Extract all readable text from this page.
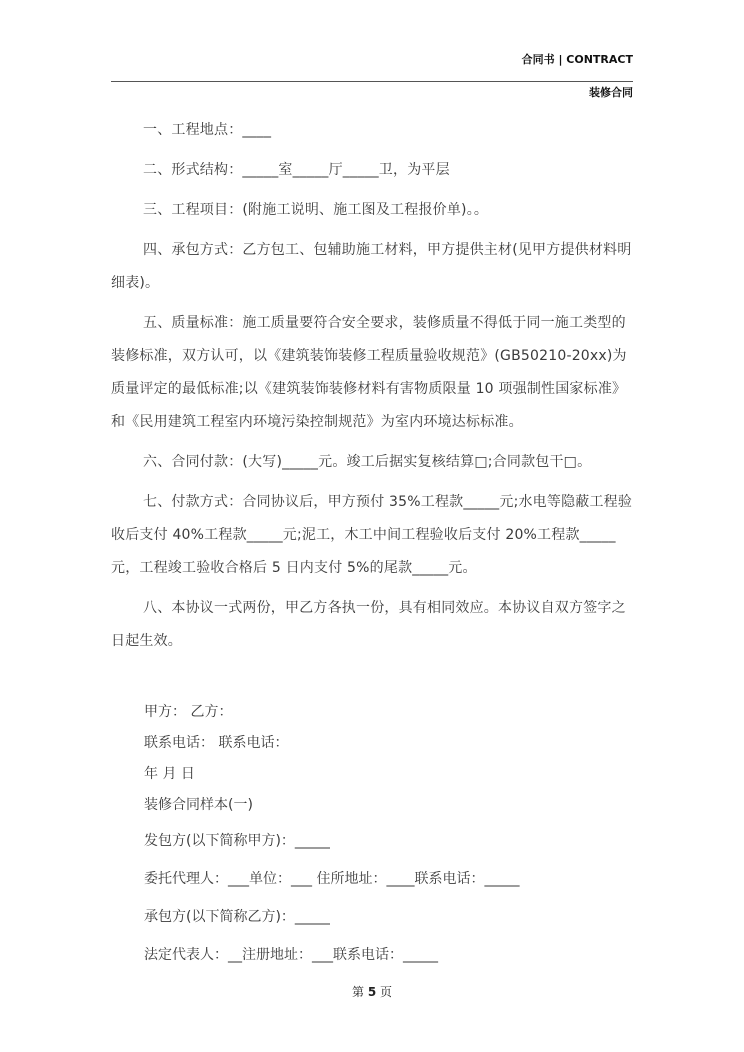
合同书 | CONTRACT
装修合同

一、工程地点：____

二、形式结构：_____室_____厅_____卫，为平层

三、工程项目：(附施工说明、施工图及工程报价单)。。

四、承包方式：乙方包工、包辅助施工材料，甲方提供主材(见甲方提供材料明细表)。

五、质量标准：施工质量要符合安全要求，装修质量不得低于同一施工类型的装修标准，双方认可，以《建筑装饰装修工程质量验收规范》(GB50210-20xx)为质量评定的最低标准;以《建筑装饰装修材料有害物质限量 10 项强制性国家标准》和《民用建筑工程室内环境污染控制规范》为室内环境达标标准。

六、合同付款：(大写)_____元。竣工后据实复核结算□;合同款包干□。

七、付款方式：合同协议后，甲方预付 35%工程款_____元;水电等隐蔽工程验收后支付 40%工程款_____元;泥工，木工中间工程验收后支付 20%工程款_____元，工程竣工验收合格后 5 日内支付 5%的尾款_____元。

八、本协议一式两份，甲乙方各执一份，具有相同效应。本协议自双方签字之日起生效。

甲方： 乙方：

联系电话： 联系电话：

年 月 日

装修合同样本(一)

发包方(以下简称甲方)：_____

委托代理人：___单位：___ 住所地址：____联系电话：_____

承包方(以下简称乙方)：_____

法定代表人：__注册地址：___联系电话：_____

第 5 页
